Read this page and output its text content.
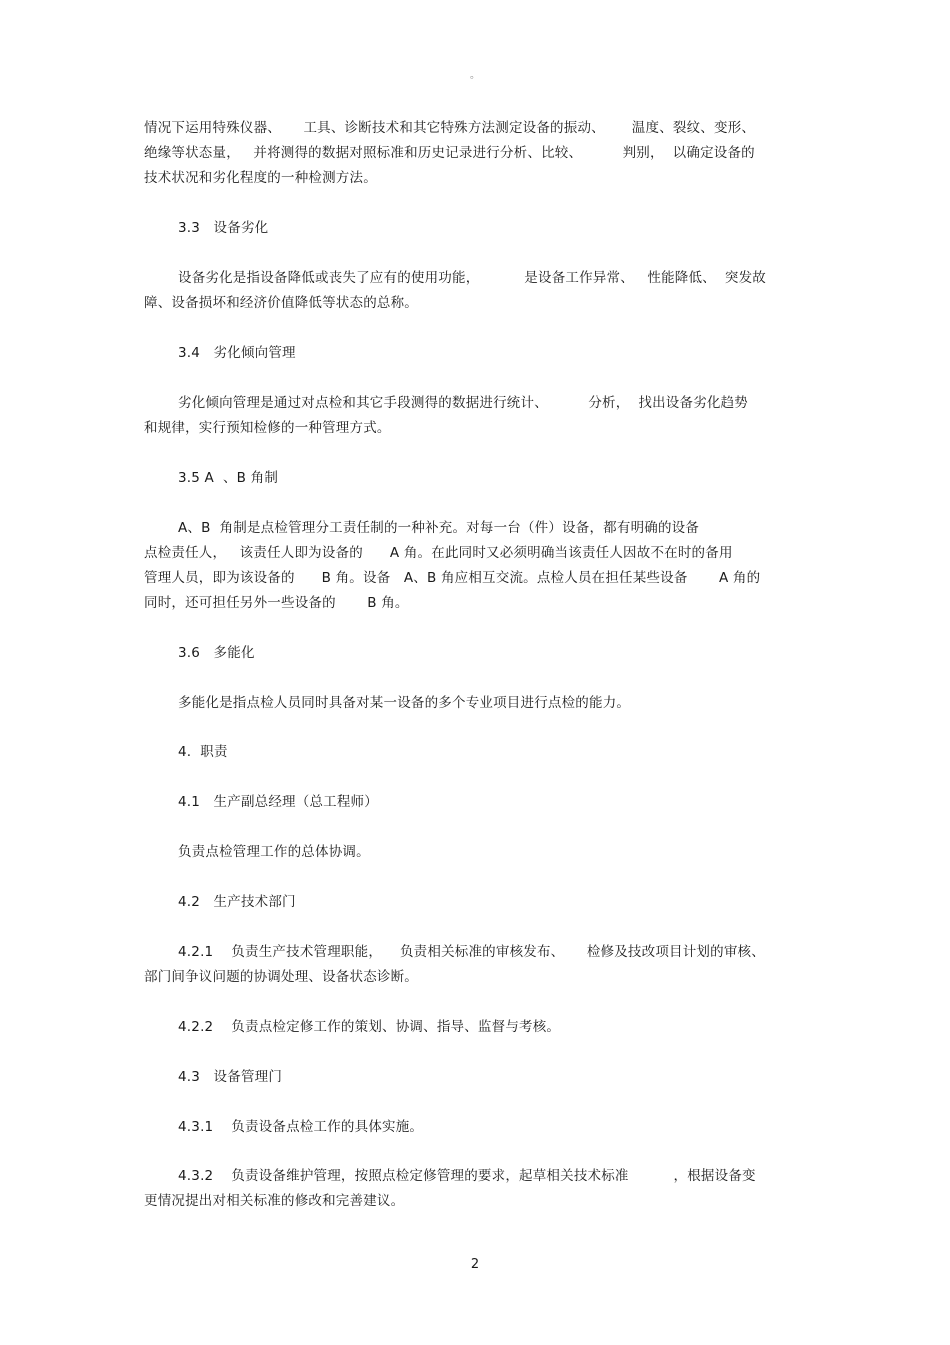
。
情况下运用特殊仪器、     工具、诊断技术和其它特殊方法测定设备的振动、      温度、裂纹、变形、
绝缘等状态量，   并将测得的数据对照标准和历史记录进行分析、比较、         判别，  以确定设备的
技术状况和劣化程度的一种检测方法。
3.3   设备劣化
设备劣化是指设备降低或丧失了应有的使用功能，          是设备工作异常、   性能降低、  突发故
障、设备损坏和经济价值降低等状态的总称。
3.4   劣化倾向管理
劣化倾向管理是通过对点检和其它手段测得的数据进行统计、         分析，  找出设备劣化趋势
和规律，实行预知检修的一种管理方式。
3.5 A  、B 角制
A、B  角制是点检管理分工责任制的一种补充。对每一台（件）设备，都有明确的设备
点检责任人，   该责任人即为设备的      A 角。在此同时又必须明确当该责任人因故不在时的备用
管理人员，即为该设备的      B 角。设备   A、B 角应相互交流。点检人员在担任某些设备       A 角的
同时，还可担任另外一些设备的       B 角。
3.6   多能化
多能化是指点检人员同时具备对某一设备的多个专业项目进行点检的能力。
4.  职责
4.1   生产副总经理（总工程师）
负责点检管理工作的总体协调。
4.2   生产技术部门
4.2.1    负责生产技术管理职能，    负责相关标准的审核发布、     检修及技改项目计划的审核、
部门间争议问题的协调处理、设备状态诊断。
4.2.2    负责点检定修工作的策划、协调、指导、监督与考核。
4.3   设备管理门
4.3.1    负责设备点检工作的具体实施。
4.3.2    负责设备维护管理，按照点检定修管理的要求，起草相关技术标准          ，根据设备变
更情况提出对相关标准的修改和完善建议。
2
